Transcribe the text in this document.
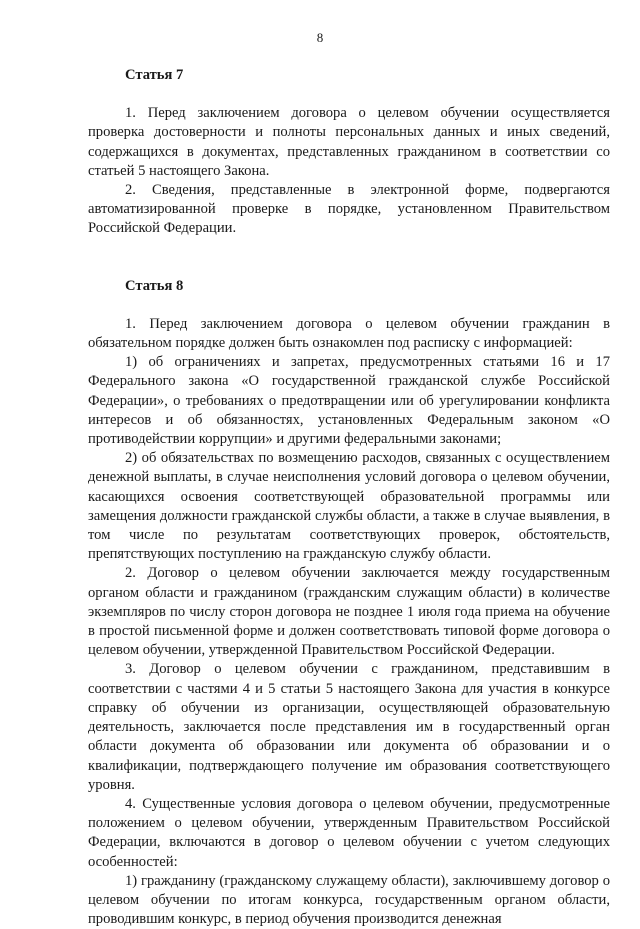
8
Статья 7

1. Перед заключением договора о целевом обучении осуществляется проверка достоверности и полноты персональных данных и иных сведений, содержащихся в документах, представленных гражданином в соответствии со статьей 5 настоящего Закона.

2. Сведения, представленные в электронной форме, подвергаются автоматизированной проверке в порядке, установленном Правительством Российской Федерации.

Статья 8

1. Перед заключением договора о целевом обучении гражданин в обязательном порядке должен быть ознакомлен под расписку с информацией:

1) об ограничениях и запретах, предусмотренных статьями 16 и 17 Федерального закона «О государственной гражданской службе Российской Федерации», о требованиях о предотвращении или об урегулировании конфликта интересов и об обязанностях, установленных Федеральным законом «О противодействии коррупции» и другими федеральными законами;

2) об обязательствах по возмещению расходов, связанных с осуществлением денежной выплаты, в случае неисполнения условий договора о целевом обучении, касающихся освоения соответствующей образовательной программы или замещения должности гражданской службы области, а также в случае выявления, в том числе по результатам соответствующих проверок, обстоятельств, препятствующих поступлению на гражданскую службу области.

2. Договор о целевом обучении заключается между государственным органом области и гражданином (гражданским служащим области) в количестве экземпляров по числу сторон договора не позднее 1 июля года приема на обучение в простой письменной форме и должен соответствовать типовой форме договора о целевом обучении, утвержденной Правительством Российской Федерации.

3. Договор о целевом обучении с гражданином, представившим в соответствии с частями 4 и 5 статьи 5 настоящего Закона для участия в конкурсе справку об обучении из организации, осуществляющей образовательную деятельность, заключается после представления им в государственный орган области документа об образовании или документа об образовании и о квалификации, подтверждающего получение им образования соответствующего уровня.

4. Существенные условия договора о целевом обучении, предусмотренные положением о целевом обучении, утвержденным Правительством Российской Федерации, включаются в договор о целевом обучении с учетом следующих особенностей:

1) гражданину (гражданскому служащему области), заключившему договор о целевом обучении по итогам конкурса, государственным органом области, проводившим конкурс, в период обучения производится денежная
